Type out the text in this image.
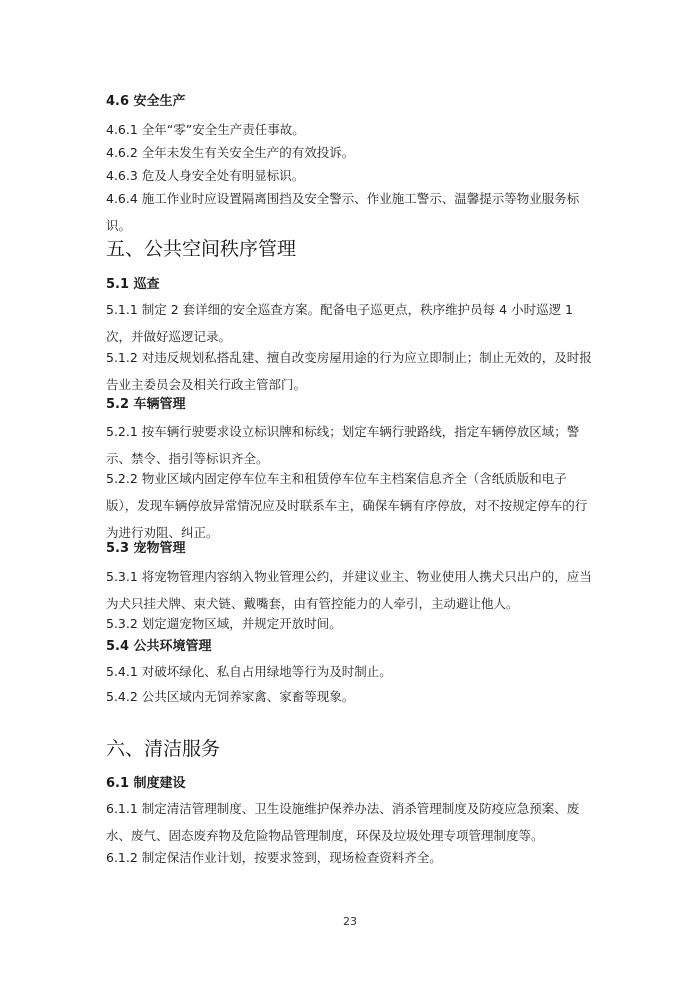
4.6 安全生产

4.6.1 全年“零”安全生产责任事故。

4.6.2 全年未发生有关安全生产的有效投诉。

4.6.3 危及人身安全处有明显标识。

4.6.4 施工作业时应设置隔离围挡及安全警示、作业施工警示、温馨提示等物业服务标识。

五、公共空间秩序管理
5.1 巡查

5.1.1 制定 2 套详细的安全巡查方案。配备电子巡更点，秩序维护员每 4 小时巡逻 1 次，并做好巡逻记录。

5.1.2 对违反规划私搭乱建、擅自改变房屋用途的行为应立即制止；制止无效的，及时报告业主委员会及相关行政主管部门。

5.2 车辆管理

5.2.1 按车辆行驶要求设立标识牌和标线；划定车辆行驶路线，指定车辆停放区域；警示、禁令、指引等标识齐全。

5.2.2 物业区域内固定停车位车主和租赁停车位车主档案信息齐全（含纸质版和电子版），发现车辆停放异常情况应及时联系车主，确保车辆有序停放，对不按规定停车的行为进行劝阻、纠正。

5.3 宠物管理

5.3.1 将宠物管理内容纳入物业管理公约，并建议业主、物业使用人携犬只出户的，应当为犬只挂犬牌、束犬链、戴嘴套，由有管控能力的人牵引，主动避让他人。

5.3.2 划定遛宠物区域，并规定开放时间。

5.4 公共环境管理

5.4.1 对破坏绿化、私自占用绿地等行为及时制止。

5.4.2 公共区域内无饲养家禽、家畜等现象。

六、清洁服务
6.1 制度建设

6.1.1 制定清洁管理制度、卫生设施维护保养办法、消杀管理制度及防疫应急预案、废水、废气、固态废弃物及危险物品管理制度，环保及垃圾处理专项管理制度等。

6.1.2 制定保洁作业计划，按要求签到，现场检查资料齐全。

23
